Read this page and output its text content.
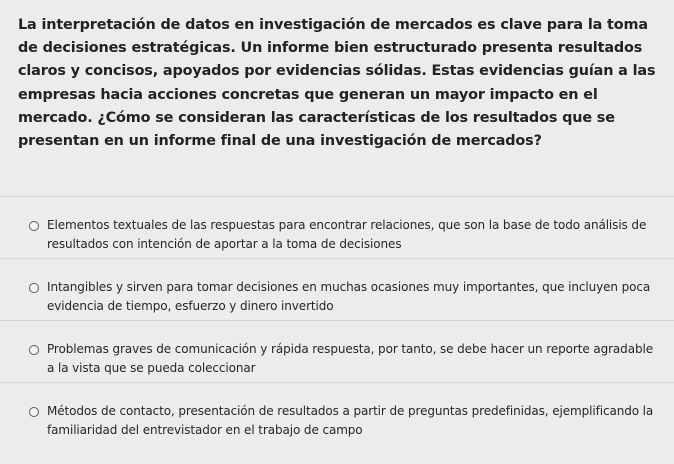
La interpretación de datos en investigación de mercados es clave para la toma de decisiones estratégicas. Un informe bien estructurado presenta resultados claros y concisos, apoyados por evidencias sólidas. Estas evidencias guían a las empresas hacia acciones concretas que generan un mayor impacto en el mercado. ¿Cómo se consideran las características de los resultados que se presentan en un informe final de una investigación de mercados?
Elementos textuales de las respuestas para encontrar relaciones, que son la base de todo análisis de resultados con intención de aportar a la toma de decisiones
Intangibles y sirven para tomar decisiones en muchas ocasiones muy importantes, que incluyen poca evidencia de tiempo, esfuerzo y dinero invertido
Problemas graves de comunicación y rápida respuesta, por tanto, se debe hacer un reporte agradable a la vista que se pueda coleccionar
Métodos de contacto, presentación de resultados a partir de preguntas predefinidas, ejemplificando la familiaridad del entrevistador en el trabajo de campo
